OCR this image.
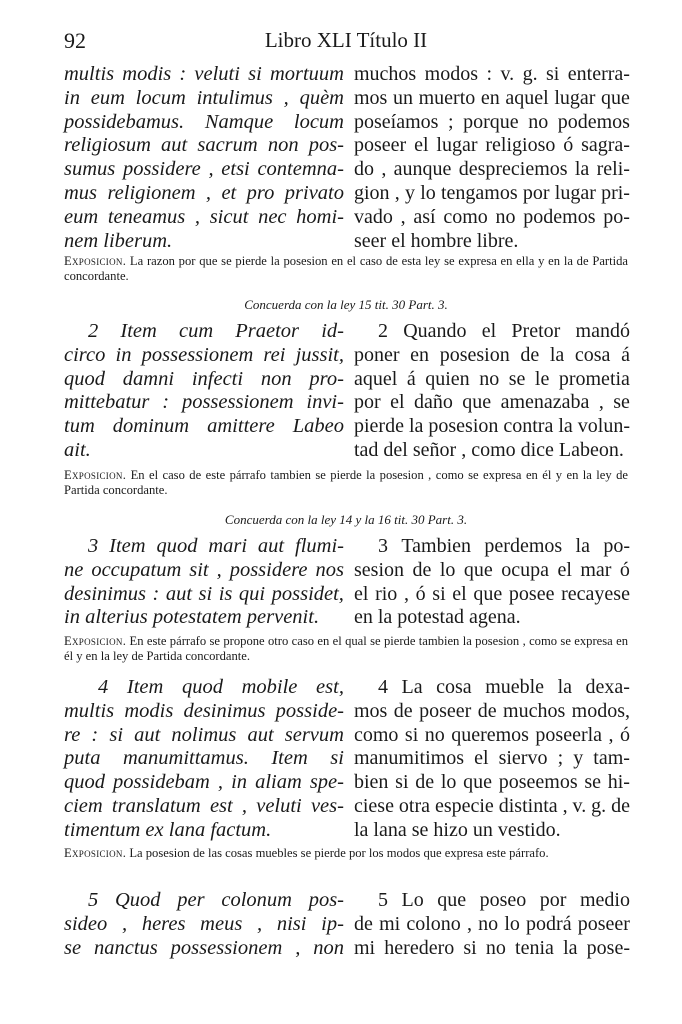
92	Libro XLI Título II
multis modis : veluti si mortuum
in eum locum intulimus , quèm
possidebamus. Namque locum
religiosum aut sacrum non pos-
sumus possidere , etsi contemna-
mus religionem , et pro privato
eum teneamus , sicut nec homi-
nem liberum.
muchos modos : v. g. si enterra-
mos un muerto en aquel lugar que
poseíamos ; porque no podemos
poseer el lugar religioso ó sagra-
do , aunque despreciemos la reli-
gion , y lo tengamos por lugar pri-
vado , así como no podemos po-
seer el hombre libre.
Exposicion. La razon por que se pierde la posesion en el caso de esta ley se expresa en ella y en la de Partida concordante.
Concuerda con la ley 15 tit. 30 Part. 3.
2 Item cum Praetor id-
circo in possessionem rei jussit,
quod damni infecti non pro-
mittebatur : possessionem invi-
tum dominum amittere Labeo
ait.
2 Quando el Pretor mandó
poner en posesion de la cosa á
aquel á quien no se le prometia
por el daño que amenazaba , se
pierde la posesion contra la volun-
tad del señor , como dice Labeon.
Exposicion. En el caso de este párrafo tambien se pierde la posesion , como se expresa en él y en la ley de Partida concordante.
Concuerda con la ley 14 y la 16 tit. 30 Part. 3.
3 Item quod mari aut flumi-
ne occupatum sit , possidere nos
desinimus : aut si is qui possidet,
in alterius potestatem pervenit.
3 Tambien perdemos la po-
sesion de lo que ocupa el mar ó
el rio , ó si el que posee recayese
en la potestad agena.
Exposicion. En este párrafo se propone otro caso en el qual se pierde tambien la posesion , como se expresa en él y en la ley de Partida concordante.
4 Item quod mobile est,
multis modis desinimus posside-
re : si aut nolimus aut servum
puta manumittamus. Item si
quod possidebam , in aliam spe-
ciem translatum est , veluti ves-
timentum ex lana factum.
4 La cosa mueble la dexa-
mos de poseer de muchos modos,
como si no queremos poseerla , ó
manumitimos el siervo ; y tam-
bien si de lo que poseemos se hi-
ciese otra especie distinta , v. g. de
la lana se hizo un vestido.
Exposicion. La posesion de las cosas muebles se pierde por los modos que expresa este párrafo.
5 Quod per colonum pos-
sideo , heres meus , nisi ip-
se nanctus possessionem , non
5 Lo que poseo por medio
de mi colono , no lo podrá poseer
mi heredero si no tenia la pose-
